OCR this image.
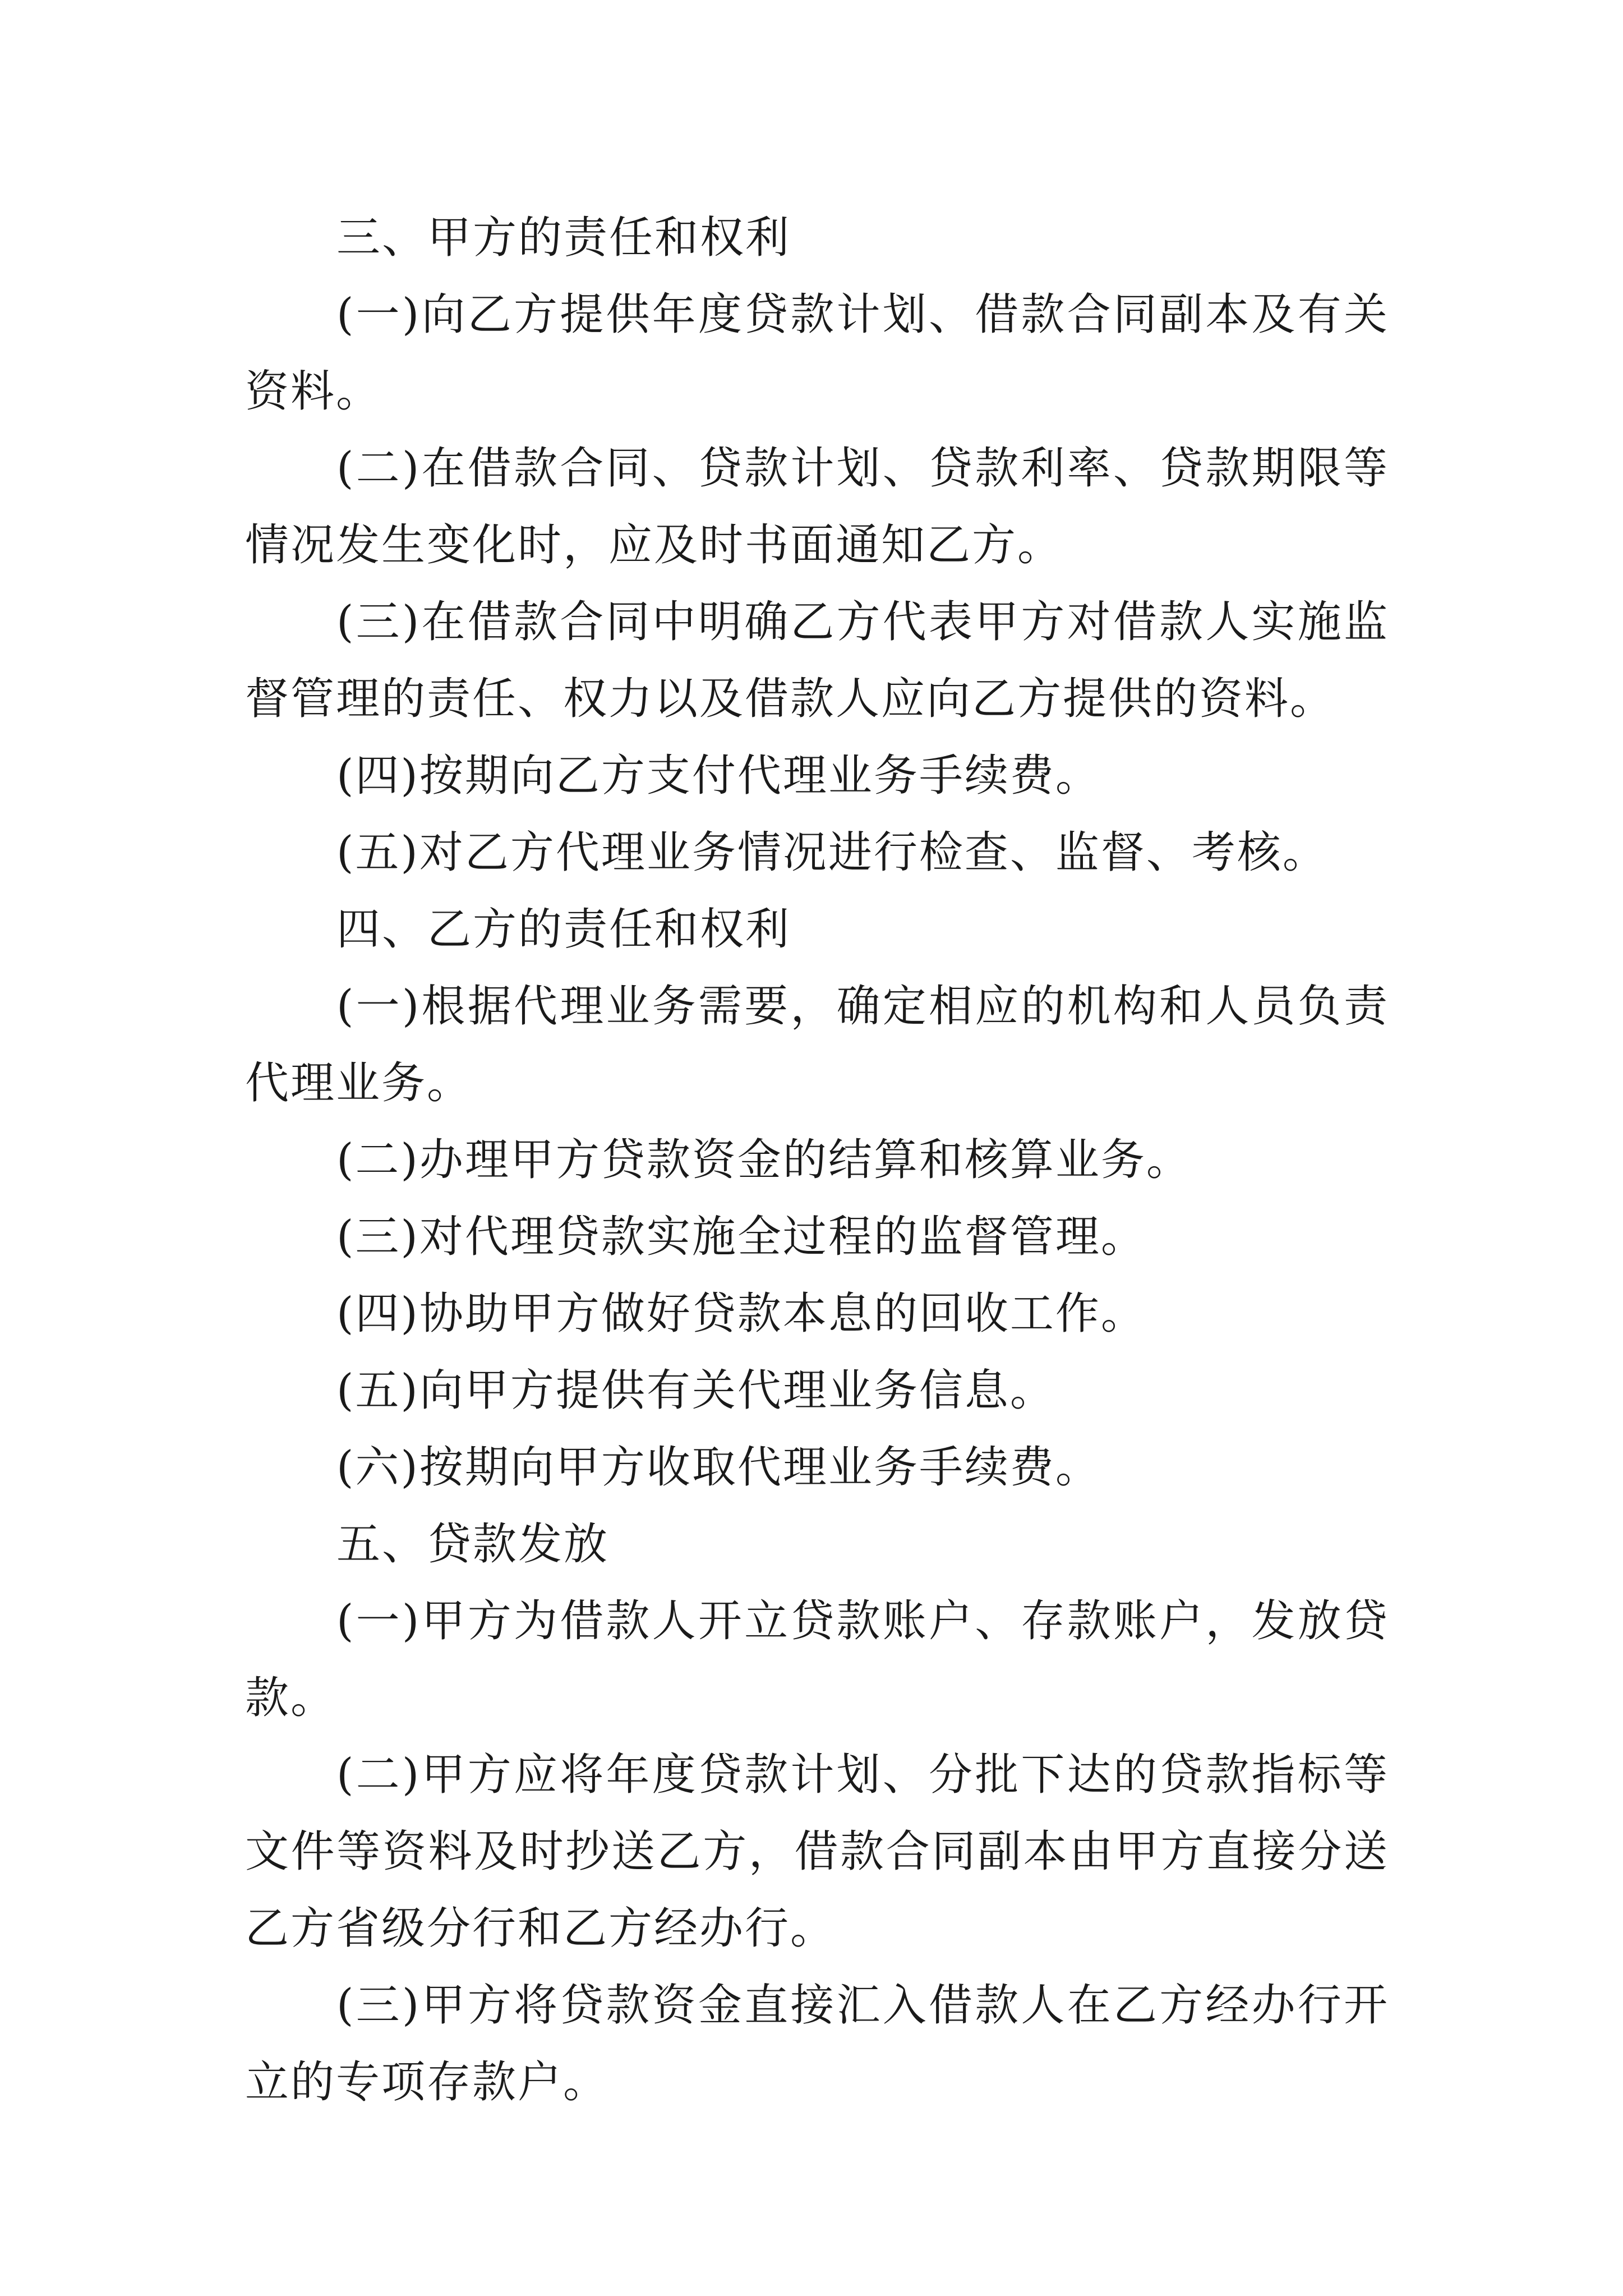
三、甲方的责任和权利

(一)向乙方提供年度贷款计划、借款合同副本及有关资料。

(二)在借款合同、贷款计划、贷款利率、贷款期限等情况发生变化时，应及时书面通知乙方。

(三)在借款合同中明确乙方代表甲方对借款人实施监督管理的责任、权力以及借款人应向乙方提供的资料。

(四)按期向乙方支付代理业务手续费。

(五)对乙方代理业务情况进行检查、监督、考核。

四、乙方的责任和权利

(一)根据代理业务需要，确定相应的机构和人员负责代理业务。

(二)办理甲方贷款资金的结算和核算业务。

(三)对代理贷款实施全过程的监督管理。

(四)协助甲方做好贷款本息的回收工作。

(五)向甲方提供有关代理业务信息。

(六)按期向甲方收取代理业务手续费。

五、贷款发放

(一)甲方为借款人开立贷款账户、存款账户，发放贷款。

(二)甲方应将年度贷款计划、分批下达的贷款指标等文件等资料及时抄送乙方，借款合同副本由甲方直接分送乙方省级分行和乙方经办行。

(三)甲方将贷款资金直接汇入借款人在乙方经办行开立的专项存款户。
